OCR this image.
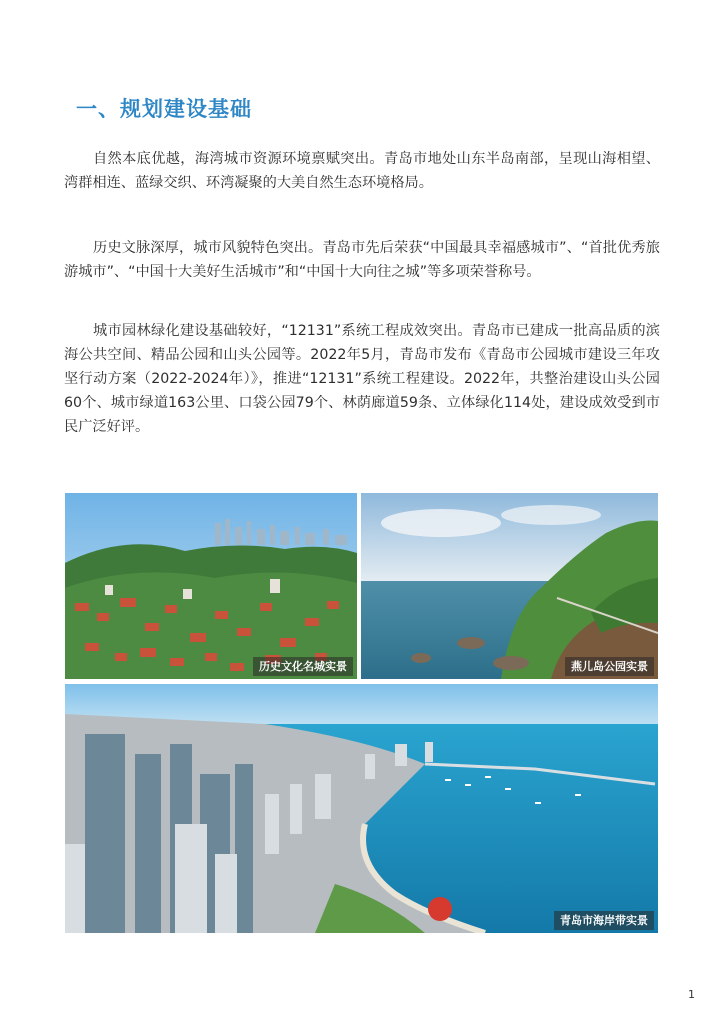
一、规划建设基础

自然本底优越，海湾城市资源环境禀赋突出。青岛市地处山东半岛南部，呈现山海相望、湾群相连、蓝绿交织、环湾凝聚的大美自然生态环境格局。

历史文脉深厚，城市风貌特色突出。青岛市先后荣获“中国最具幸福感城市”、“首批优秀旅游城市”、“中国十大美好生活城市”和“中国十大向往之城”等多项荣誉称号。

城市园林绿化建设基础较好，“12131”系统工程成效突出。青岛市已建成一批高品质的滨海公共空间、精品公园和山头公园等。2022年5月，青岛市发布《青岛市公园城市建设三年攻坚行动方案（2022-2024年）》，推进“12131”系统工程建设。2022年，共整治建设山头公园60个、城市绿道163公里、口袋公园79个、林荫廊道59条、立体绿化114处，建设成效受到市民广泛好评。

历史文化名城实景	燕儿岛公园实景
青岛市海岸带实景
1
